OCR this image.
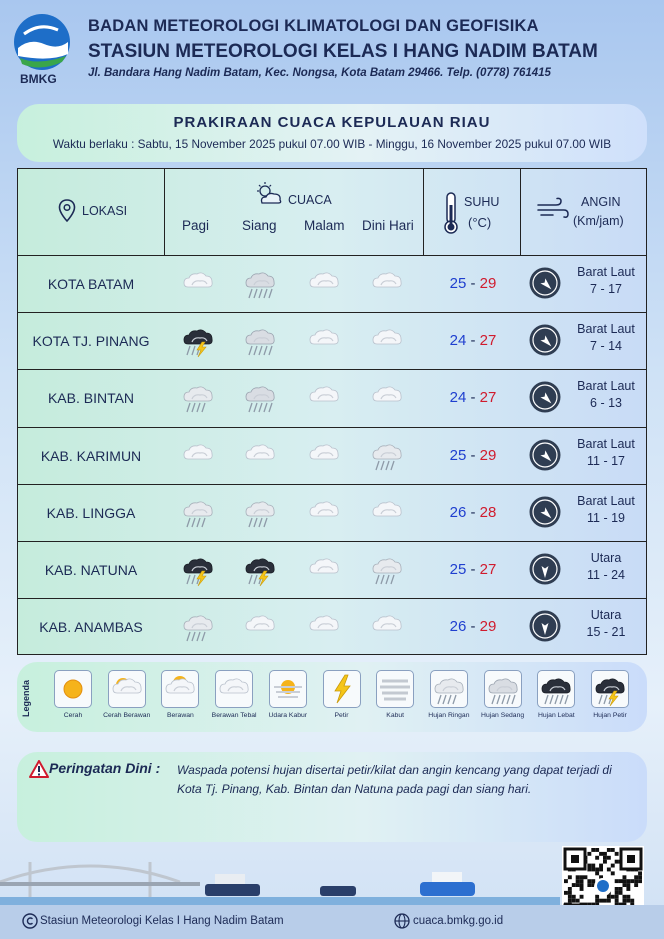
BMKG
BADAN METEOROLOGI KLIMATOLOGI DAN GEOFISIKA
STASIUN METEOROLOGI KELAS I HANG NADIM BATAM
Jl. Bandara Hang Nadim Batam, Kec. Nongsa, Kota Batam 29466. Telp. (0778) 761415
PRAKIRAAN CUACA KEPULAUAN RIAU
Waktu berlaku : Sabtu, 15 November 2025 pukul 07.00 WIB - Minggu, 16 November 2025 pukul 07.00 WIB
LOKASI
CUACA
Pagi Siang Malam Dini Hari
SUHU
(°C)
ANGIN
(Km/jam)
KOTA BATAM	25 - 29
Barat Laut
7 - 17
KOTA TJ. PINANG	24 - 27
Barat Laut
7 - 14
KAB. BINTAN	24 - 27
Barat Laut
6 - 13
KAB. KARIMUN	25 - 29
Barat Laut
11 - 17
KAB. LINGGA	26 - 28
Barat Laut
11 - 19
KAB. NATUNA	25 - 27
Utara
11 - 24
KAB. ANAMBAS	26 - 29
Utara
15 - 21
Legenda	Cerah	Cerah Berawan	Berawan	Berawan Tebal	Udara Kabur	Petir	Kabut	Hujan Ringan	Hujan Sedang	Hujan Lebat	Hujan Petir
Peringatan Dini : Waspada potensi hujan disertai petir/kilat dan angin kencang yang dapat terjadi di Kota Tj. Pinang, Kab. Bintan dan Natuna pada pagi dan siang hari.
Stasiun Meteorologi Kelas I Hang Nadim Batam	cuaca.bmkg.go.id
